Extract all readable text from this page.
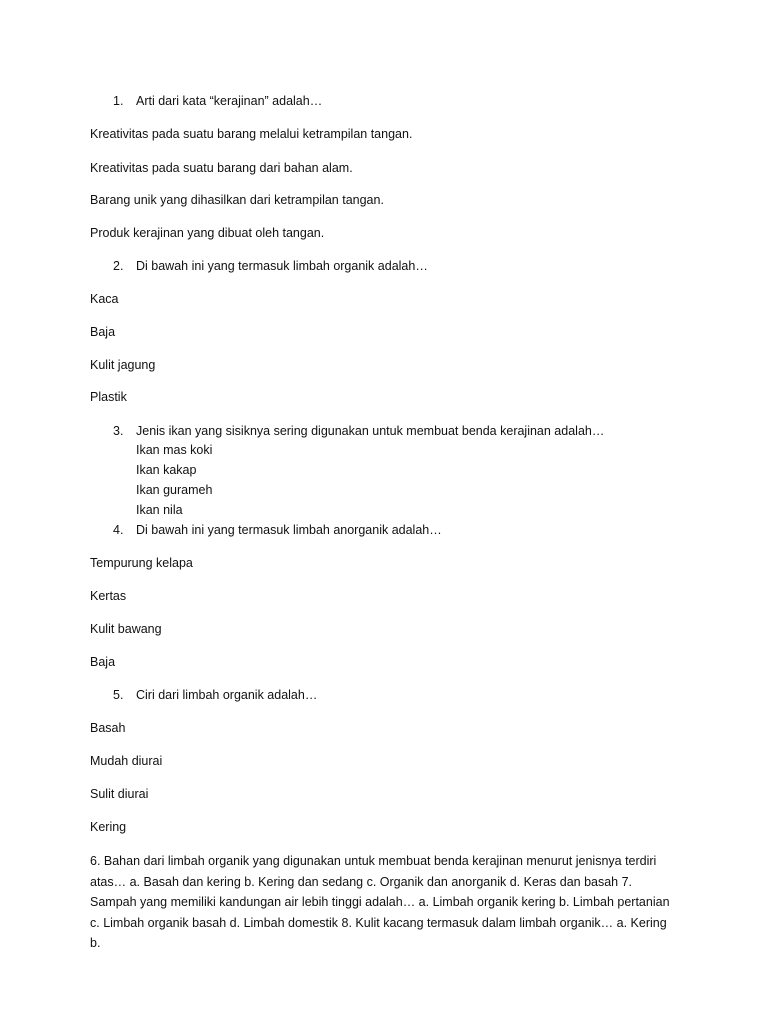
1. Arti dari kata “kerajinan” adalah…
Kreativitas pada suatu barang melalui ketrampilan tangan.
Kreativitas pada suatu barang dari bahan alam.
Barang unik yang dihasilkan dari ketrampilan tangan.
Produk kerajinan yang dibuat oleh tangan.
2. Di bawah ini yang termasuk limbah organik adalah…
Kaca
Baja
Kulit jagung
Plastik
3. Jenis ikan yang sisiknya sering digunakan untuk membuat benda kerajinan adalah…
Ikan mas koki
Ikan kakap
Ikan gurameh
Ikan nila
4. Di bawah ini yang termasuk limbah anorganik adalah…
Tempurung kelapa
Kertas
Kulit bawang
Baja
5. Ciri dari limbah organik adalah…
Basah
Mudah diurai
Sulit diurai
Kering
6. Bahan dari limbah organik yang digunakan untuk membuat benda kerajinan menurut jenisnya terdiri atas… a. Basah dan kering b. Kering dan sedang c. Organik dan anorganik d. Keras dan basah 7. Sampah yang memiliki kandungan air lebih tinggi adalah… a. Limbah organik kering b. Limbah pertanian c. Limbah organik basah d. Limbah domestik 8. Kulit kacang termasuk dalam limbah organik… a. Kering b.
